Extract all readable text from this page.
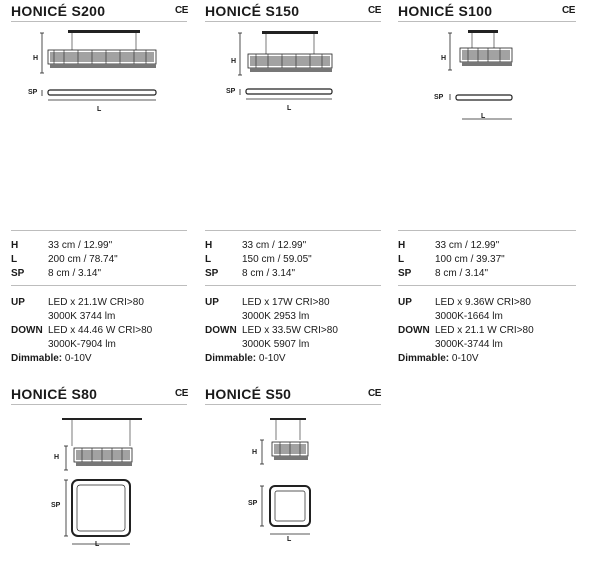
HONICÉ S200	CE HONICÉ S150	CE HONICÉ S100	CE
H
SP
L
H
SP
L
H
SP
L
H	33 cm / 12.99"
L	200 cm / 78.74"
SP 8 cm / 3.14"
UP LED x 21.1W CRI>80
3000K 3744 lm
DOWN LED x 44.46 W CRI>80
3000K-7904 lm
Dimmable: 0-10V
H	33 cm / 12.99"
L	150 cm / 59.05"
SP 8 cm / 3.14"
UP LED x 17W CRI>80
3000K 2953 lm
DOWN LED x 33.5W CRI>80
3000K 5907 lm
Dimmable: 0-10V
H	33 cm / 12.99"
L	100 cm / 39.37"
SP 8 cm / 3.14"
UP LED x 9.36W CRI>80
3000K-1664 lm
DOWN LED x 21.1 W CRI>80
3000K-3744 lm
Dimmable: 0-10V
HONICÉ S80	CE HONICÉ S50	CE
H
SP
L
H
SP
L
